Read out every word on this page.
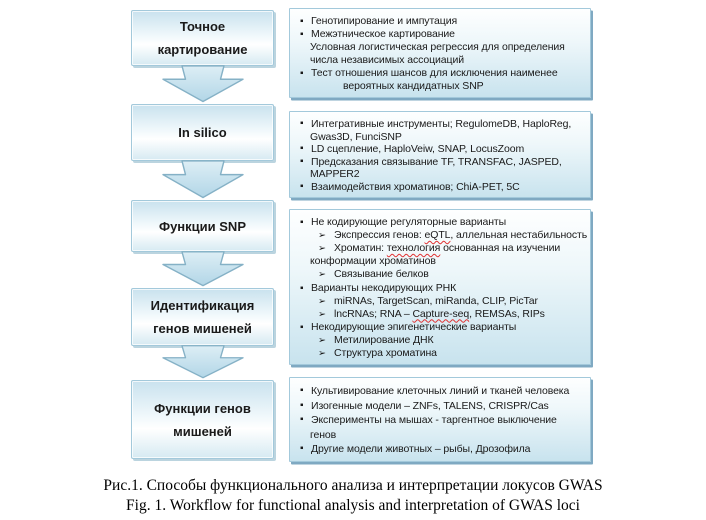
Точное картирование
In silico
Функции SNP
Идентификация генов мишеней
Функции генов мишеней
▪ Генотипирование и импутация
▪ Межэтническое картирование
Условная логистическая регрессия для определения
числа независимых ассоциаций
▪ Тест отношения шансов для исключения наименее
вероятных кандидатных SNP
▪ Интегративные инструменты; RegulomeDB, HaploReg,
Gwas3D, FunciSNP
▪ LD сцепление, HaploVeiw, SNAP, LocusZoom
▪ Предсказания связывание TF, TRANSFAC, JASPED,
MAPPER2
▪ Взаимодействия хроматинов; ChiA-PET, 5C
▪ Не кодирующие регуляторные варианты
➢ Экспрессия генов: eQTL, аллельная нестабильность
➢ Хроматин: технология основанная на изучении
конформации хроматинов
➢ Связывание белков
▪ Варианты некодирующих РНК
➢ miRNAs, TargetScan, miRanda, CLIP, PicTar
➢ lncRNAs; RNA – Capture-seq, REMSAs, RIPs
▪ Некодирующие эпигенетические варианты
➢ Метилирование ДНК
➢ Структура хроматина
▪ Культивирование клеточных линий и тканей человека
▪ Изогенные модели – ZNFs, TALENS, CRISPR/Cas
▪ Эксперименты на мышах - таргентное выключение
генов
▪ Другие модели животных – рыбы, Дрозофила
Рис.1. Способы функционального анализа и интерпретации локусов GWAS
Fig. 1. Workflow for functional analysis and interpretation of GWAS loci
